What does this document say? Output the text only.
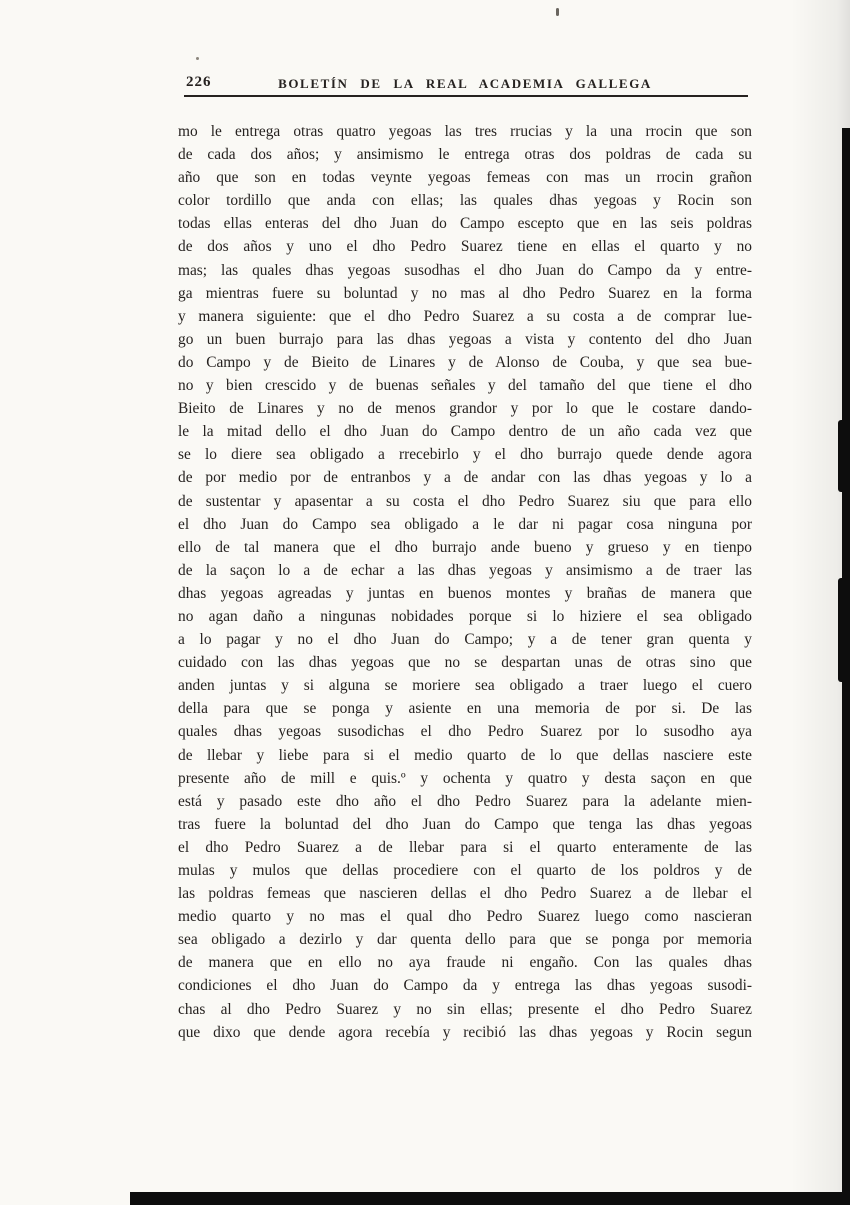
226	BOLETÍN DE LA REAL ACADEMIA GALLEGA
mo le entrega otras quatro yegoas las tres rrucias y la una rrocin que son
de cada dos años; y ansimismo le entrega otras dos poldras de cada su
año que son en todas veynte yegoas femeas con mas un rrocin grañon
color tordillo que anda con ellas; las quales dhas yegoas y Rocin son
todas ellas enteras del dho Juan do Campo escepto que en las seis poldras
de dos años y uno el dho Pedro Suarez tiene en ellas el quarto y no
mas; las quales dhas yegoas susodhas el dho Juan do Campo da y entre-
ga mientras fuere su boluntad y no mas al dho Pedro Suarez en la forma
y manera siguiente: que el dho Pedro Suarez a su costa a de comprar lue-
go un buen burrajo para las dhas yegoas a vista y contento del dho Juan
do Campo y de Bieito de Linares y de Alonso de Couba, y que sea bue-
no y bien crescido y de buenas señales y del tamaño del que tiene el dho
Bieito de Linares y no de menos grandor y por lo que le costare dando-
le la mitad dello el dho Juan do Campo dentro de un año cada vez que
se lo diere sea obligado a rrecebirlo y el dho burrajo quede dende agora
de por medio por de entranbos y a de andar con las dhas yegoas y lo a
de sustentar y apasentar a su costa el dho Pedro Suarez siu que para ello
el dho Juan do Campo sea obligado a le dar ni pagar cosa ninguna por
ello de tal manera que el dho burrajo ande bueno y grueso y en tienpo
de la saçon lo a de echar a las dhas yegoas y ansimismo a de traer las
dhas yegoas agreadas y juntas en buenos montes y brañas de manera que
no agan daño a ningunas nobidades porque si lo hiziere el sea obligado
a lo pagar y no el dho Juan do Campo; y a de tener gran quenta y
cuidado con las dhas yegoas que no se despartan unas de otras sino que
anden juntas y si alguna se moriere sea obligado a traer luego el cuero
della para que se ponga y asiente en una memoria de por si. De las
quales dhas yegoas susodichas el dho Pedro Suarez por lo susodho aya
de llebar y liebe para si el medio quarto de lo que dellas nasciere este
presente año de mill e quis.º y ochenta y quatro y desta saçon en que
está y pasado este dho año el dho Pedro Suarez para la adelante mien-
tras fuere la boluntad del dho Juan do Campo que tenga las dhas yegoas
el dho Pedro Suarez a de llebar para si el quarto enteramente de las
mulas y mulos que dellas procediere con el quarto de los poldros y de
las poldras femeas que nascieren dellas el dho Pedro Suarez a de llebar el
medio quarto y no mas el qual dho Pedro Suarez luego como nascieran
sea obligado a dezirlo y dar quenta dello para que se ponga por memoria
de manera que en ello no aya fraude ni engaño. Con las quales dhas
condiciones el dho Juan do Campo da y entrega las dhas yegoas susodi-
chas al dho Pedro Suarez y no sin ellas; presente el dho Pedro Suarez
que dixo que dende agora recebía y recibió las dhas yegoas y Rocin segun
